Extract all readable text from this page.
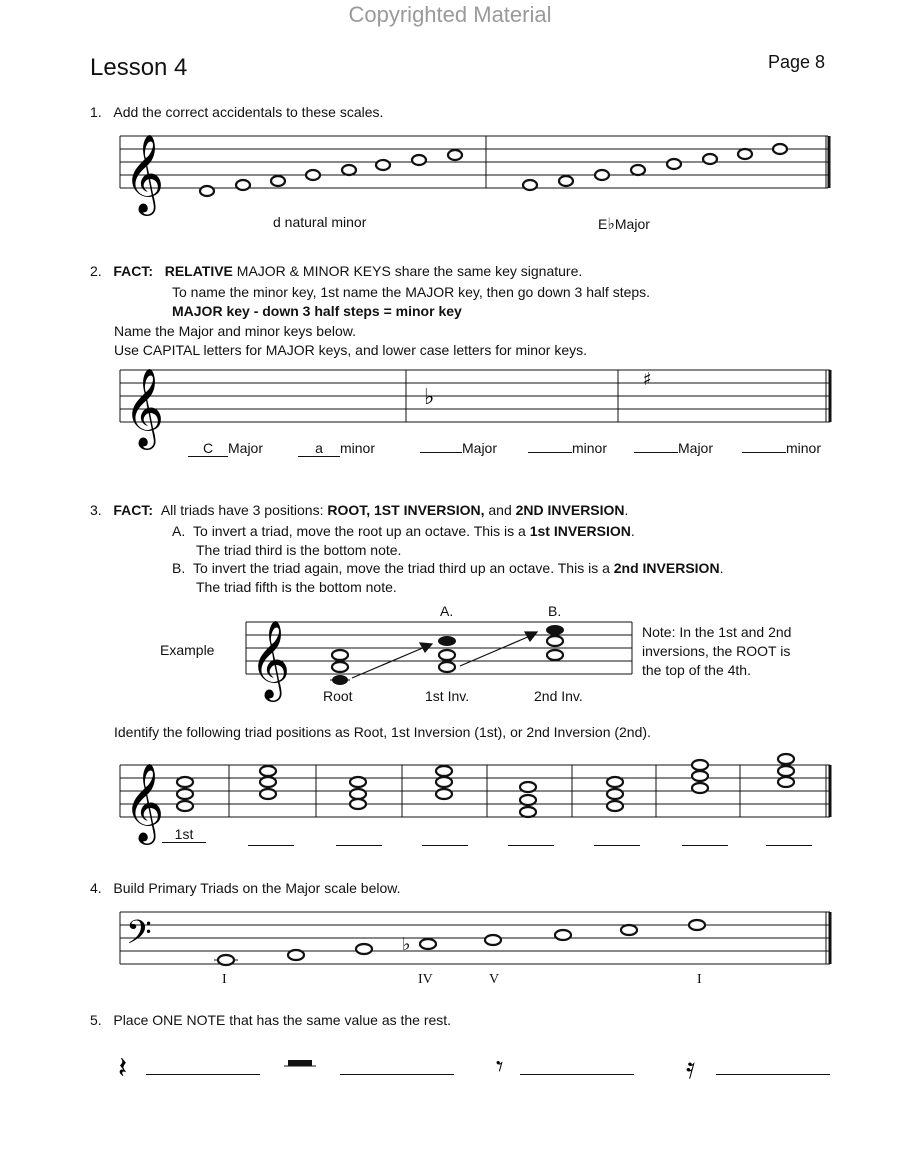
Copyrighted Material
Lesson 4	Page 8
1. Add the correct accidentals to these scales.
𝄞
d natural minor	E♭Major
2. FACT: RELATIVE MAJOR & MINOR KEYS share the same key signature.
To name the minor key, 1st name the MAJOR key, then go down 3 half steps.
MAJOR key - down 3 half steps = minor key
Name the Major and minor keys below.
Use CAPITAL letters for MAJOR keys, and lower case letters for minor keys.
𝄞	♭
♯
C Major	a minor	Major	minor	Major	minor
3. FACT: All triads have 3 positions: ROOT, 1ST INVERSION, and 2ND INVERSION.
A. To invert a triad, move the root up an octave. This is a 1st INVERSION.
The triad third is the bottom note.
B. To invert the triad again, move the triad third up an octave. This is a 2nd INVERSION.
The triad fifth is the bottom note.
A.	B.
Example 𝄞 Root	1st Inv.	2nd Inv.
Note: In the 1st and 2nd
inversions, the ROOT is
the top of the 4th.
Identify the following triad positions as Root, 1st Inversion (1st), or 2nd Inversion (2nd).
𝄞 1st
4. Build Primary Triads on the Major scale below.
𝄢	♭
I	IV	V	I
5. Place ONE NOTE that has the same value as the rest.
𝄽	𝄾	𝄿
